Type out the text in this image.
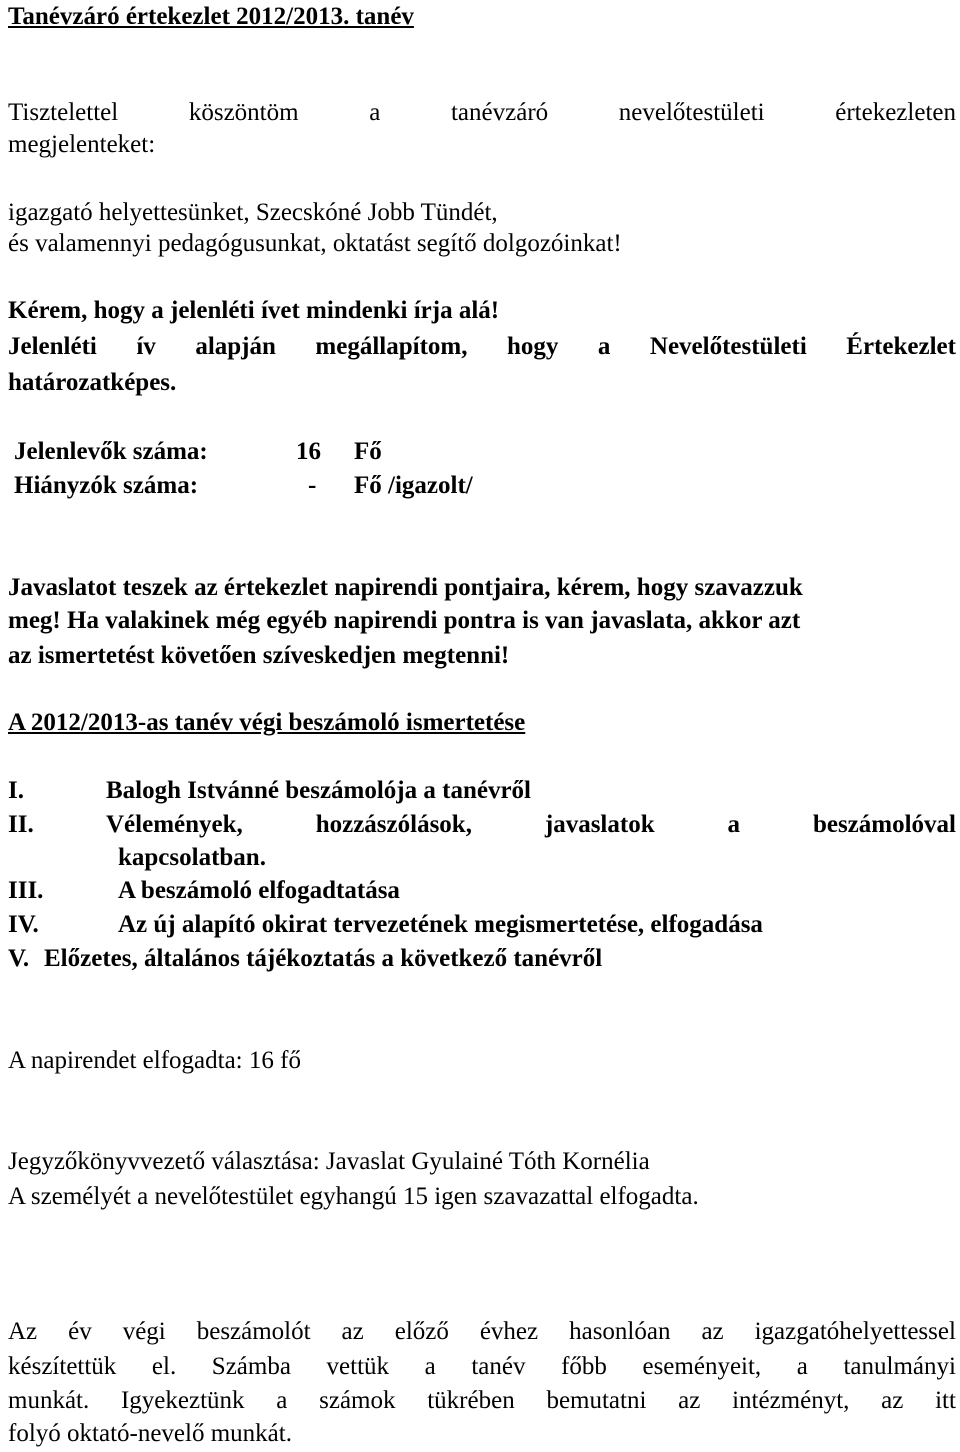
Tanévzáró értekezlet 2012/2013. tanév
Tisztelettel	köszöntöm	a	tanévzáró	nevelőtestületi	értekezleten
megjelenteket:
igazgató helyettesünket, Szecskóné Jobb Tündét,
és valamennyi pedagógusunkat, oktatást segítő dolgozóinkat!
Kérem, hogy a jelenléti ívet mindenki írja alá!
Jelenléti ív alapján megállapítom, hogy a Nevelőtestületi Értekezlet
határozatképes.
Jelenlevők száma:	16 Fő
Hiányzók száma:	- Fő /igazolt/
Javaslatot teszek az értekezlet napirendi pontjaira, kérem, hogy szavazzuk
meg! Ha valakinek még egyéb napirendi pontra is van javaslata, akkor azt
az ismertetést követően szíveskedjen megtenni!
A 2012/2013-as tanév végi beszámoló ismertetése
I.	Balogh Istvánné beszámolója a tanévről
II.	Vélemények,	hozzászólások,	javaslatok	a	beszámolóval
kapcsolatban.
III.	A beszámoló elfogadtatása
IV.	Az új alapító okirat tervezetének megismertetése, elfogadása
V. Előzetes, általános tájékoztatás a következő tanévről
A napirendet elfogadta: 16 fő
Jegyzőkönyvvezető választása: Javaslat Gyulainé Tóth Kornélia
A személyét a nevelőtestület egyhangú 15 igen szavazattal elfogadta.
Az év végi beszámolót az előző évhez hasonlóan az igazgatóhelyettessel
készítettük el. Számba vettük a tanév főbb eseményeit, a tanulmányi
munkát. Igyekeztünk a számok tükrében bemutatni az intézményt, az itt
folyó oktató-nevelő munkát.
